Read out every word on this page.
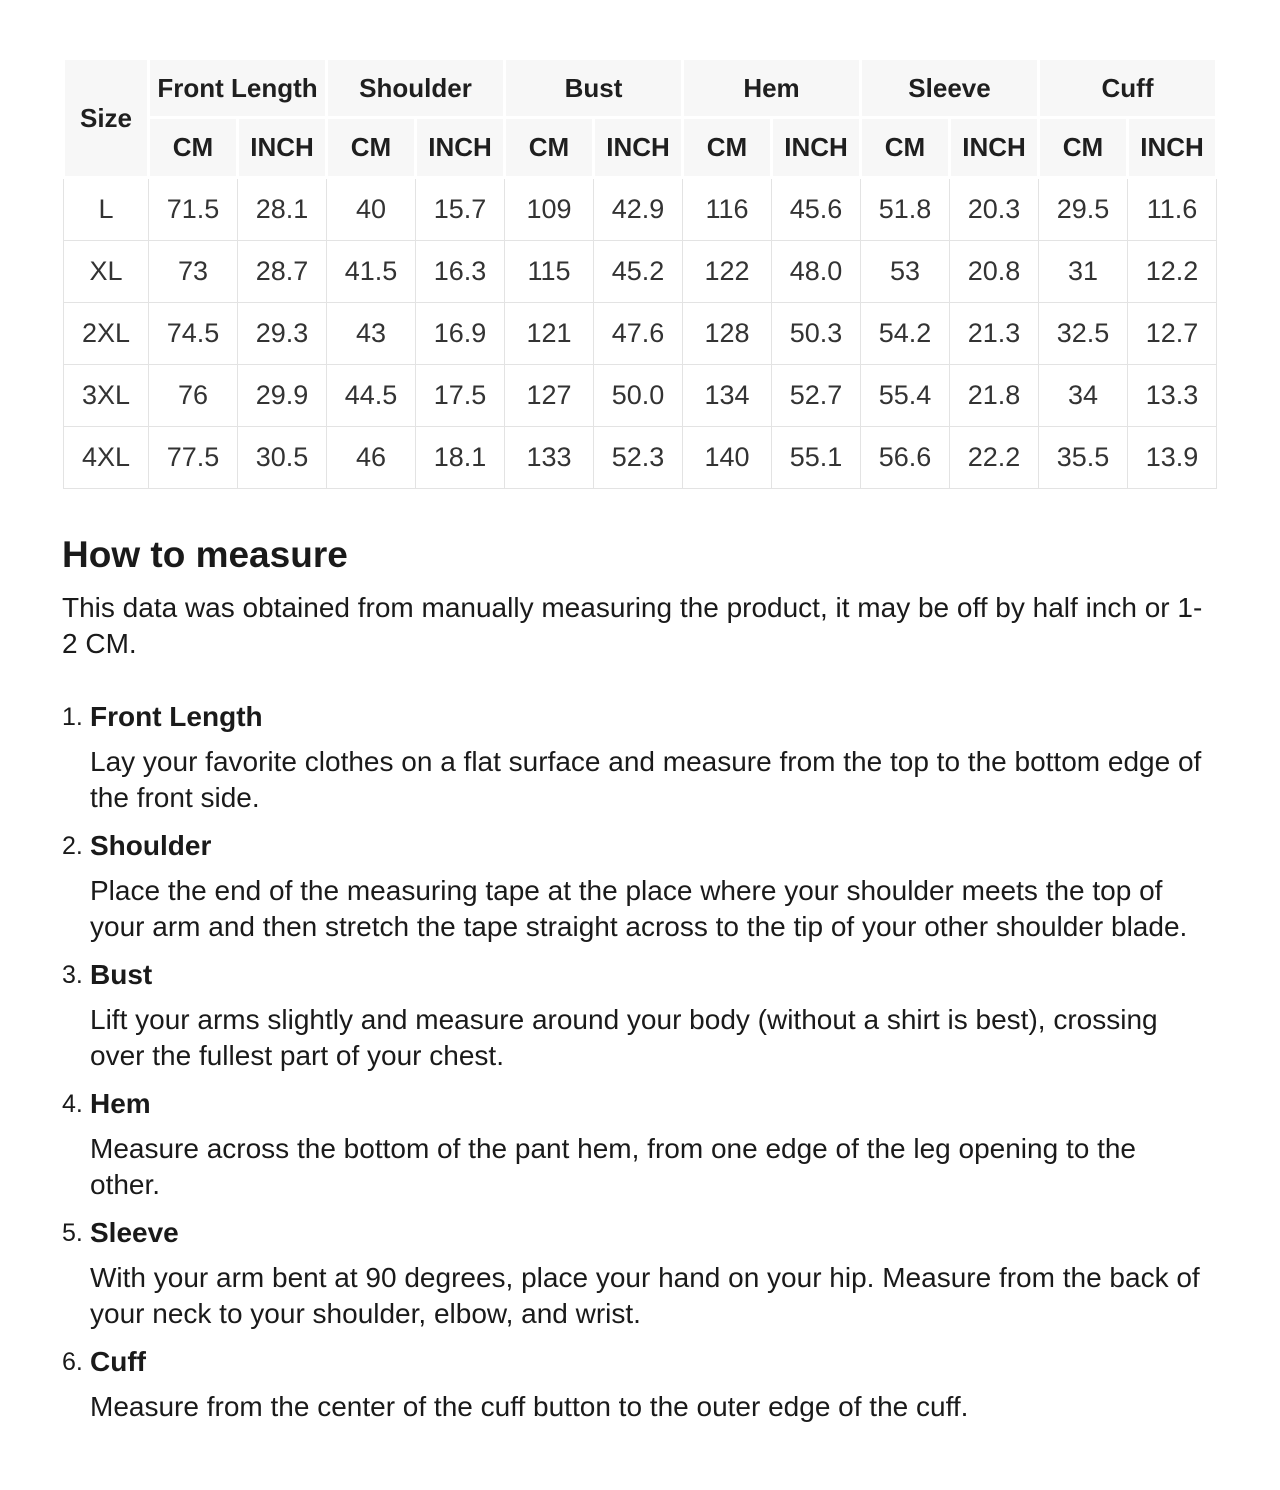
Size	Front Length		Shoulder		Bust		Hem		Sleeve		Cuff	
	CM	INCH	CM	INCH	CM	INCH	CM	INCH	CM	INCH	CM	INCH
L	71.5	28.1	40	15.7	109	42.9	116	45.6	51.8	20.3	29.5	11.6
XL	73	28.7	41.5	16.3	115	45.2	122	48.0	53	20.8	31	12.2
2XL	74.5	29.3	43	16.9	121	47.6	128	50.3	54.2	21.3	32.5	12.7
3XL	76	29.9	44.5	17.5	127	50.0	134	52.7	55.4	21.8	34	13.3
4XL	77.5	30.5	46	18.1	133	52.3	140	55.1	56.6	22.2	35.5	13.9
How to measure

This data was obtained from manually measuring the product, it may be off by half inch or 1-2 CM.

1. Front Length

Lay your favorite clothes on a flat surface and measure from the top to the bottom edge of the front side.

2. Shoulder

Place the end of the measuring tape at the place where your shoulder meets the top of your arm and then stretch the tape straight across to the tip of your other shoulder blade.

3. Bust

Lift your arms slightly and measure around your body (without a shirt is best), crossing over the fullest part of your chest.

4. Hem

Measure across the bottom of the pant hem, from one edge of the leg opening to the other.

5. Sleeve

With your arm bent at 90 degrees, place your hand on your hip. Measure from the back of your neck to your shoulder, elbow, and wrist.

6. Cuff

Measure from the center of the cuff button to the outer edge of the cuff.
